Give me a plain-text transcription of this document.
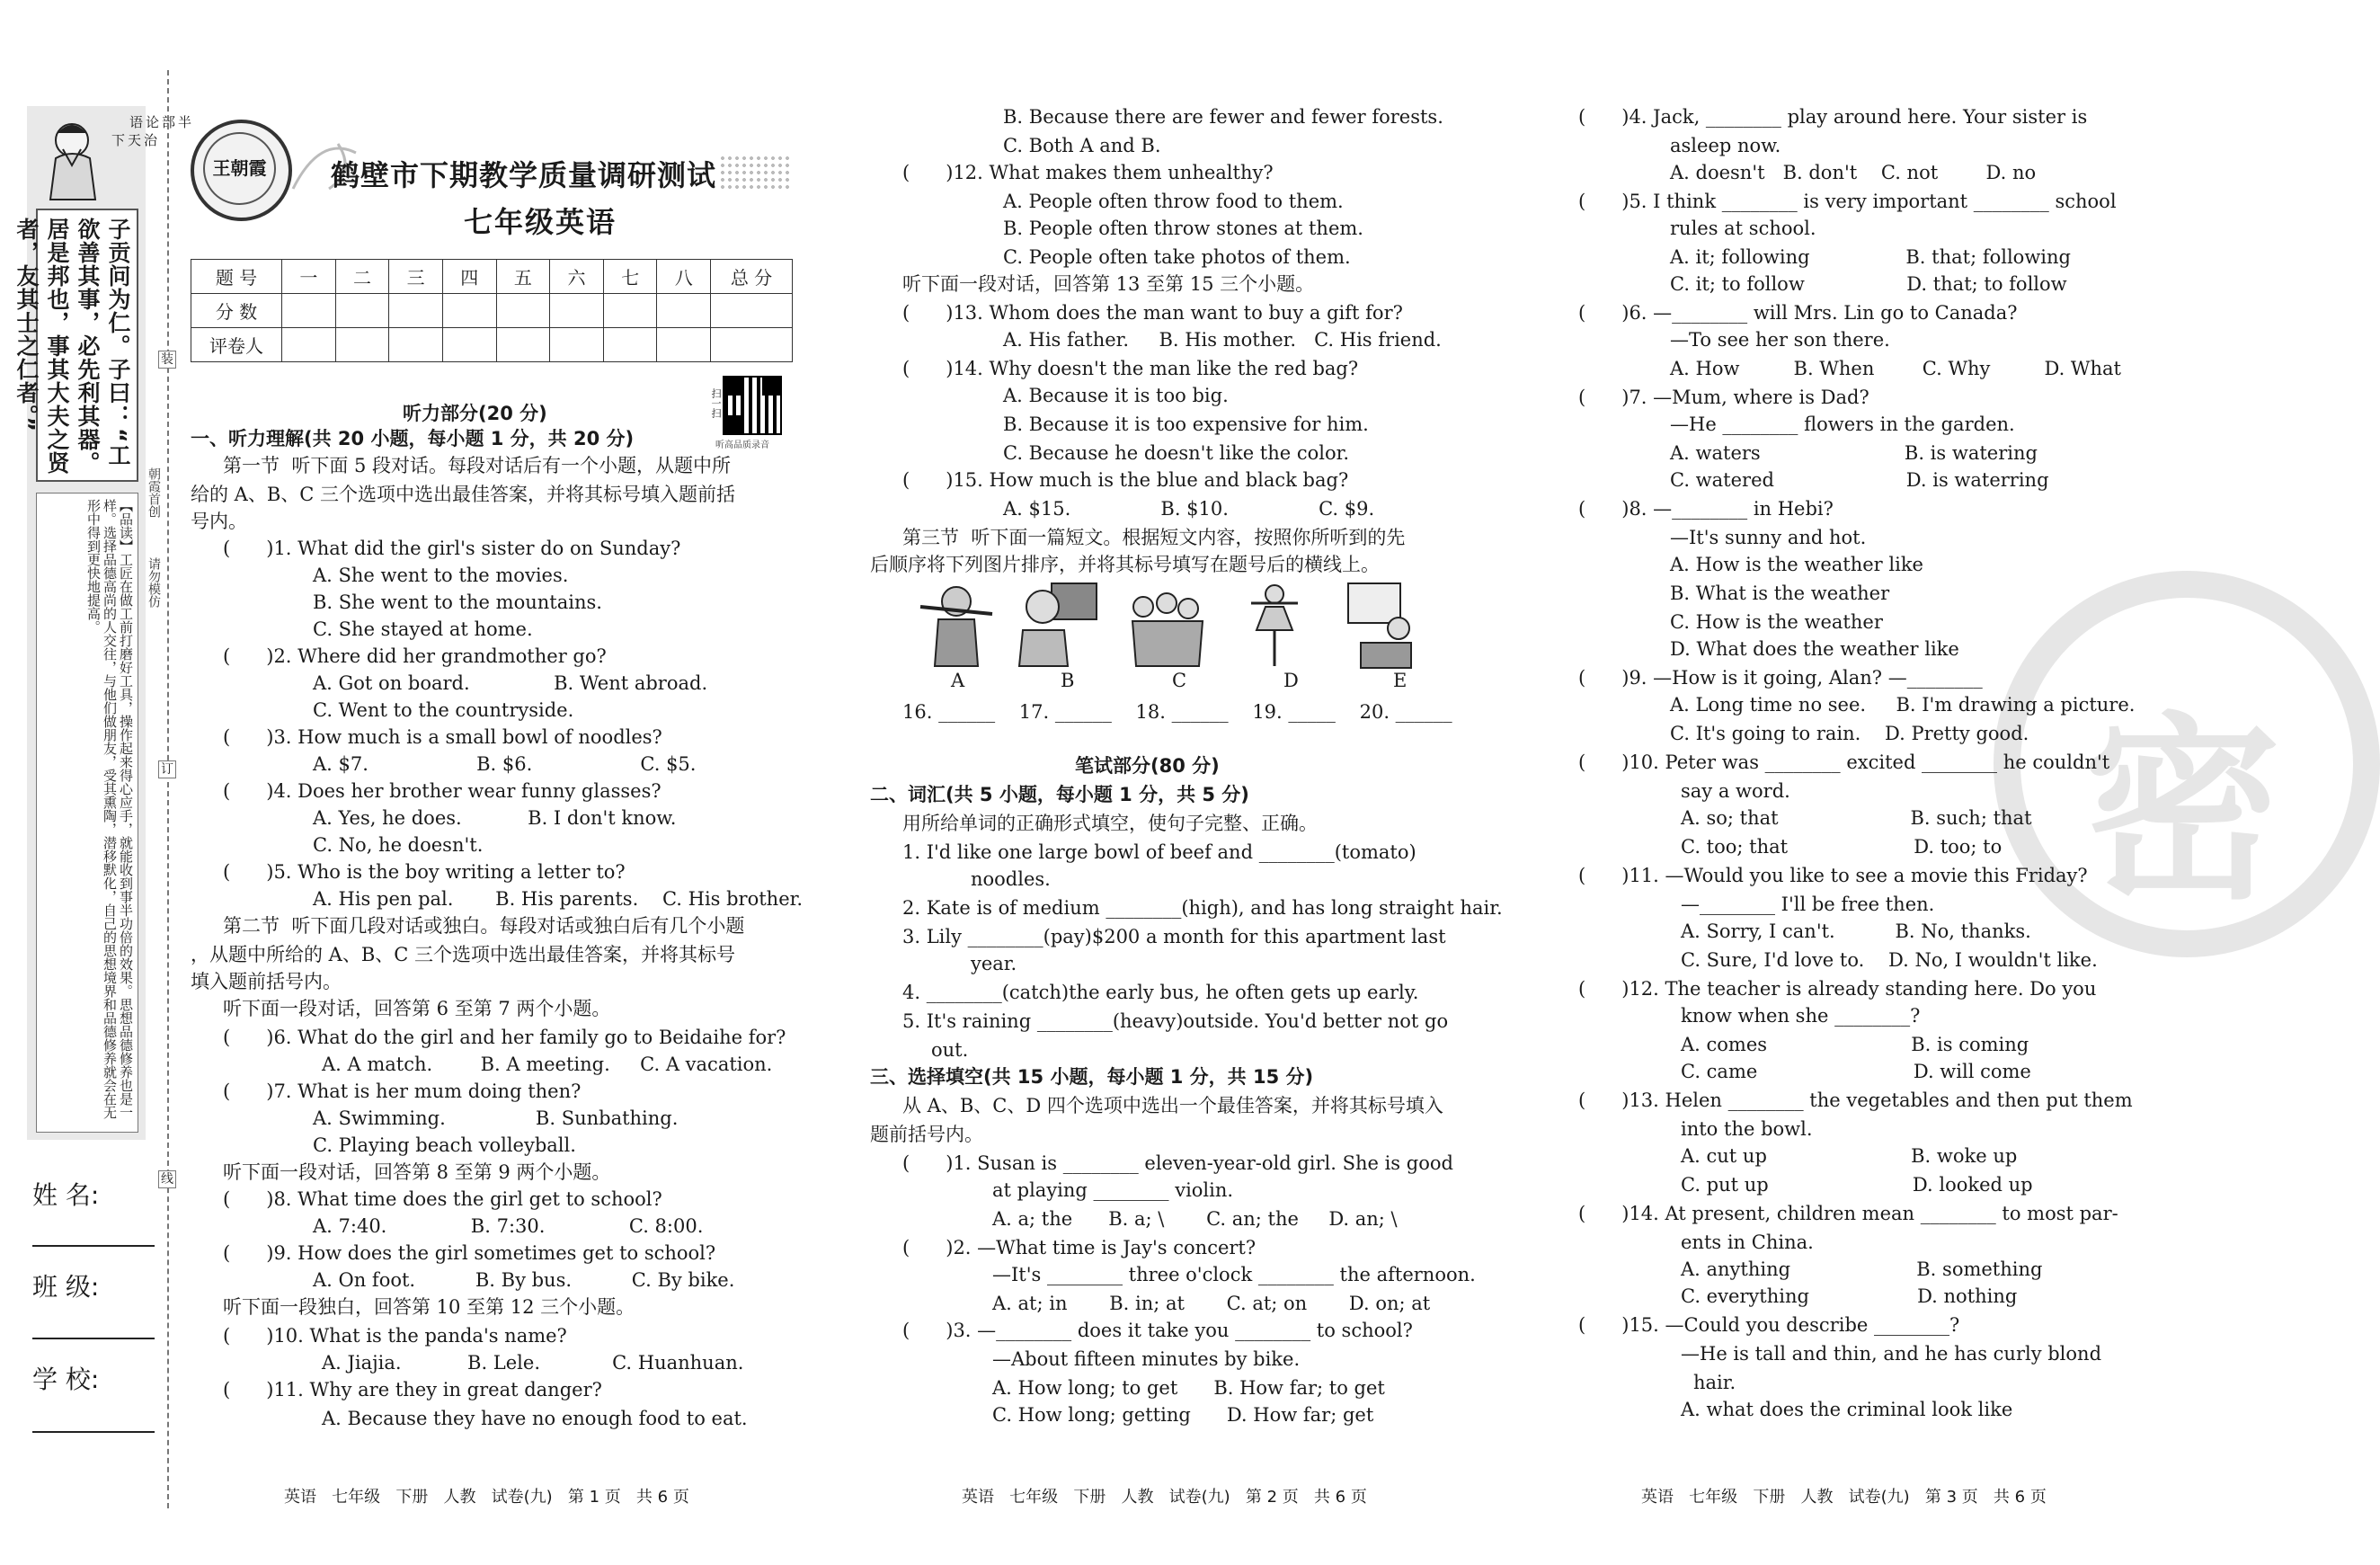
半部论语
治天下
子贡问为仁。子曰：“工欲善其事，必先利其器。居是邦也，事其大夫之贤者，友其士之仁者。”
【品读】工匠在做工前打磨好工具，操作起来得心应手，就能收到事半功倍的效果。思想品德修养也是一样。选择品德高尚的人交往，与他们做朋友，受其熏陶，潜移默化，自己的思想境界和品德修养就会在无形中得到更快地提高。
姓 名:
班 级:
学 校:
装
订
线
朝霞首创
请勿模仿
王朝霞	鹤壁市下期教学质量调研测试
七年级英语
题 号	一	二	三	四	五	六	七	八	总 分
分 数									
评卷人									
扫一扫
听高品质录音
听力部分(20 分)
一、听力理解(共 20 小题，每小题 1 分，共 20 分)
第一节  听下面 5 段对话。每段对话后有一个小题，从题中所
给的 A、B、C 三个选项中选出最佳答案，并将其标号填入题前括
号内。
(      )1. What did the girl's sister do on Sunday?
A. She went to the movies.
B. She went to the mountains.
C. She stayed at home.
(      )2. Where did her grandmother go?
A. Got on board.              B. Went abroad.
C. Went to the countryside.
(      )3. How much is a small bowl of noodles?
A. $7.                  B. $6.                  C. $5.
(      )4. Does her brother wear funny glasses?
A. Yes, he does.           B. I don't know.
C. No, he doesn't.
(      )5. Who is the boy writing a letter to?
A. His pen pal.       B. His parents.    C. His brother.
第二节  听下面几段对话或独白。每段对话或独白后有几个小题
，从题中所给的 A、B、C 三个选项中选出最佳答案，并将其标号
填入题前括号内。
听下面一段对话，回答第 6 至第 7 两个小题。
(      )6. What do the girl and her family go to Beidaihe for?
A. A match.        B. A meeting.     C. A vacation.
(      )7. What is her mum doing then?
A. Swimming.               B. Sunbathing.
C. Playing beach volleyball.
听下面一段对话，回答第 8 至第 9 两个小题。
(      )8. What time does the girl get to school?
A. 7:40.              B. 7:30.              C. 8:00.
(      )9. How does the girl sometimes get to school?
A. On foot.          B. By bus.          C. By bike.
听下面一段独白，回答第 10 至第 12 三个小题。
(      )10. What is the panda's name?
A. Jiajia.           B. Lele.            C. Huanhuan.
(      )11. Why are they in great danger?
A. Because they have no enough food to eat.
英语   七年级   下册   人教   试卷(九)   第 1 页   共 6 页
B. Because there are fewer and fewer forests.
C. Both A and B.
(      )12. What makes them unhealthy?
A. People often throw food to them.
B. People often throw stones at them.
C. People often take photos of them.
听下面一段对话，回答第 13 至第 15 三个小题。
(      )13. Whom does the man want to buy a gift for?
A. His father.     B. His mother.   C. His friend.
(      )14. Why doesn't the man like the red bag?
A. Because it is too big.
B. Because it is too expensive for him.
C. Because he doesn't like the color.
(      )15. How much is the blue and black bag?
A. $15.               B. $10.               C. $9.
第三节  听下面一篇短文。根据短文内容，按照你所听到的先
后顺序将下列图片排序，并将其标号填写在题号后的横线上。
16. ______    17. ______    18. ______    19. _____    20. ______
笔试部分(80 分)
二、词汇(共 5 小题，每小题 1 分，共 5 分)
用所给单词的正确形式填空，使句子完整、正确。
1. I'd like one large bowl of beef and ________(tomato)
noodles.
2. Kate is of medium ________(high), and has long straight hair.
3. Lily ________(pay)$200 a month for this apartment last
year.
4. ________(catch)the early bus, he often gets up early.
5. It's raining ________(heavy)outside. You'd better not go
out.
三、选择填空(共 15 小题，每小题 1 分，共 15 分)
从 A、B、C、D 四个选项中选出一个最佳答案，并将其标号填入
题前括号内。
(      )1. Susan is ________ eleven-year-old girl. She is good
at playing ________ violin.
A. a; the      B. a; \       C. an; the     D. an; \
(      )2. —What time is Jay's concert?
—It's ________ three o'clock ________ the afternoon.
A. at; in       B. in; at       C. at; on       D. on; at
(      )3. —________ does it take you ________ to school?
—About fifteen minutes by bike.
A. How long; to get      B. How far; to get
C. How long; getting      D. How far; get
A	B	C	D	E
英语   七年级   下册   人教   试卷(九)   第 2 页   共 6 页
密
(      )4. Jack, ________ play around here. Your sister is
asleep now.
A. doesn't   B. don't    C. not        D. no
(      )5. I think ________ is very important ________ school
rules at school.
A. it; following                B. that; following
C. it; to follow                 D. that; to follow
(      )6. —________ will Mrs. Lin go to Canada?
—To see her son there.
A. How         B. When        C. Why         D. What
(      )7. —Mum, where is Dad?
—He ________ flowers in the garden.
A. waters                        B. is watering
C. watered                      D. is waterring
(      )8. —________ in Hebi?
—It's sunny and hot.
A. How is the weather like
B. What is the weather
C. How is the weather
D. What does the weather like
(      )9. —How is it going, Alan? —________
A. Long time no see.     B. I'm drawing a picture.
C. It's going to rain.    D. Pretty good.
(      )10. Peter was ________ excited ________ he couldn't
say a word.
A. so; that                      B. such; that
C. too; that                     D. too; to
(      )11. —Would you like to see a movie this Friday?
—________ I'll be free then.
A. Sorry, I can't.          B. No, thanks.
C. Sure, I'd love to.    D. No, I wouldn't like.
(      )12. The teacher is already standing here. Do you
know when she ________?
A. comes                        B. is coming
C. came                          D. will come
(      )13. Helen ________ the vegetables and then put them
into the bowl.
A. cut up                        B. woke up
C. put up                        D. looked up
(      )14. At present, children mean ________ to most par-
ents in China.
A. anything                     B. something
C. everything                  D. nothing
(      )15. —Could you describe ________?
—He is tall and thin, and he has curly blond
hair.
A. what does the criminal look like
英语   七年级   下册   人教   试卷(九)   第 3 页   共 6 页
